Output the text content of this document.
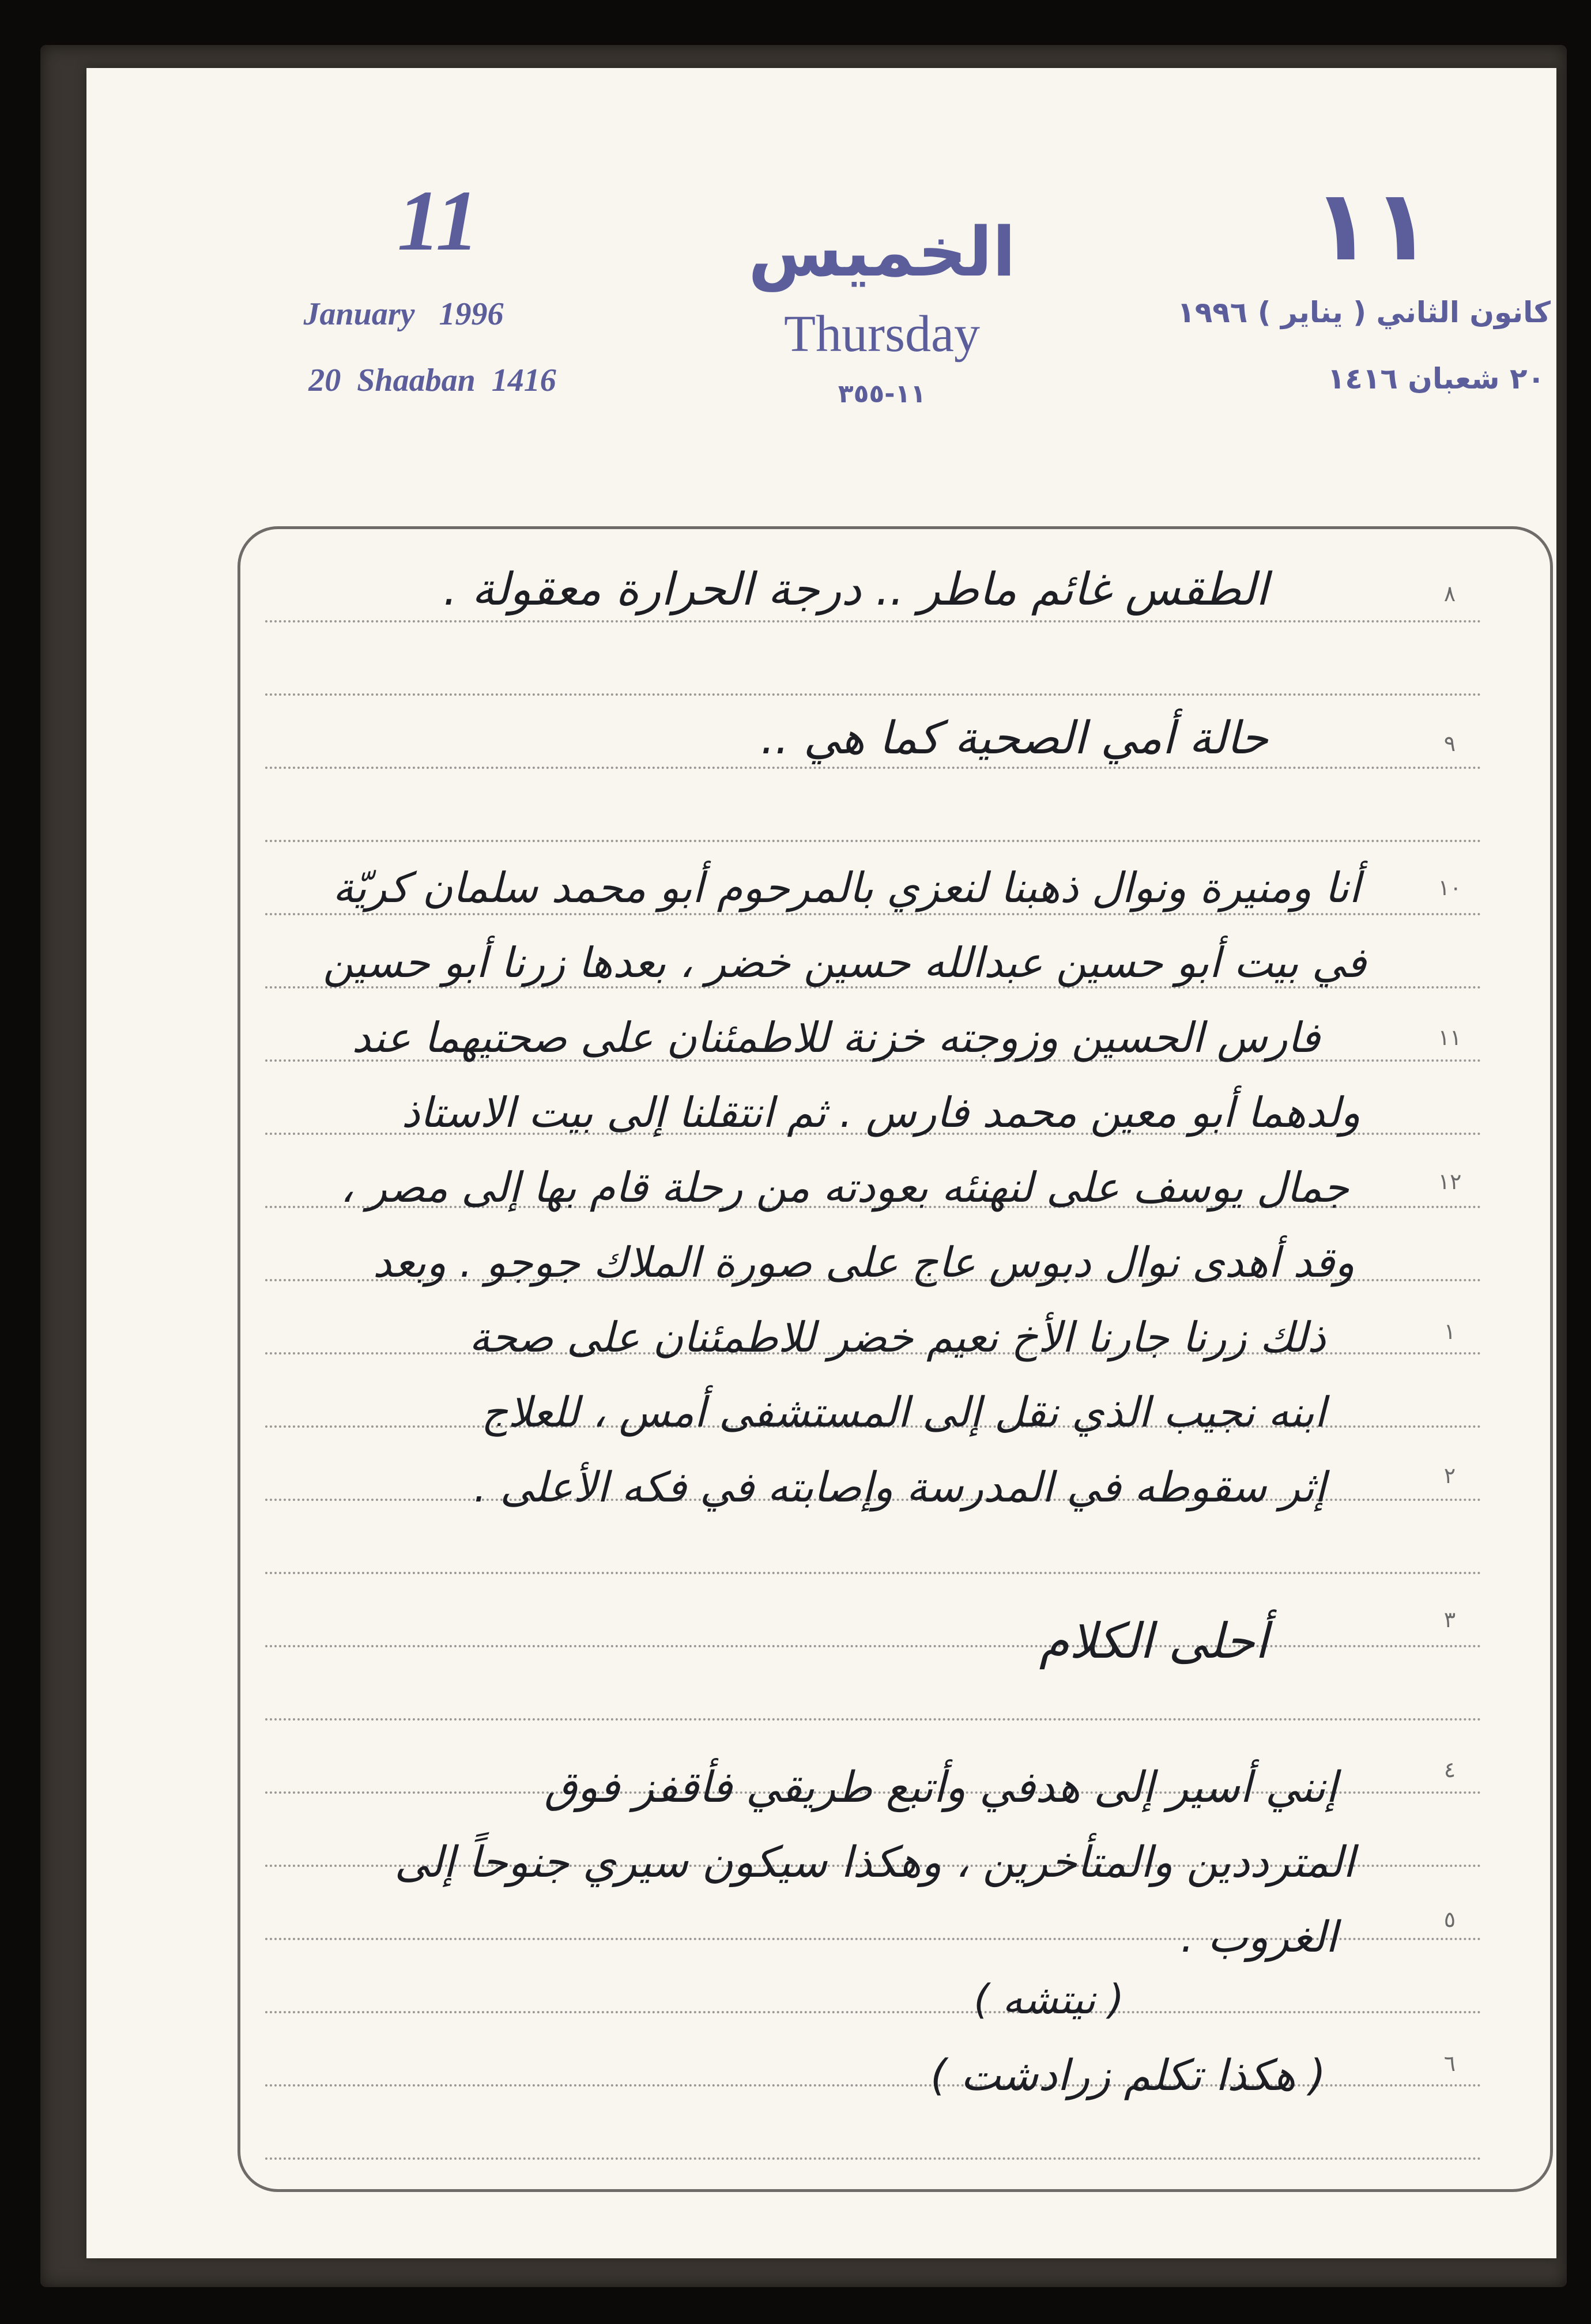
11
January   1996
20  Shaaban  1416
الخميس
Thursday
١١-٣٥٥
١١
كانون الثاني ( يناير ) ١٩٩٦
٢٠ شعبان ١٤١٦
٨
٩
١٠
١١
١٢
١
٢
٣
٤
٥
٦
الطقس غائم ماطر .. درجة الحرارة معقولة .
حالة أمي الصحية كما هي ..
أنا ومنيرة ونوال ذهبنا لنعزي بالمرحوم أبو محمد سلمان كريّة
في بيت أبو حسين عبدالله حسين خضر ، بعدها زرنا أبو حسين
فارس الحسين وزوجته خزنة للاطمئنان على صحتيهما عند
ولدهما أبو معين محمد فارس . ثم انتقلنا إلى بيت الاستاذ
جمال يوسف على لنهنئه بعودته من رحلة قام بها إلى مصر ،
وقد أهدى نوال دبوس عاج على صورة الملاك جوجو . وبعد
ذلك زرنا جارنا الأخ نعيم خضر للاطمئنان على صحة
ابنه نجيب الذي نقل إلى المستشفى أمس ، للعلاج
إثر سقوطه في المدرسة وإصابته في فكه الأعلى .
أحلى الكلام
إنني أسير إلى هدفي وأتبع طريقي فأقفز فوق
المترددين والمتأخرين ، وهكذا سيكون سيري جنوحاً إلى
الغروب .
( نيتشه )
( هكذا تكلم زرادشت )
